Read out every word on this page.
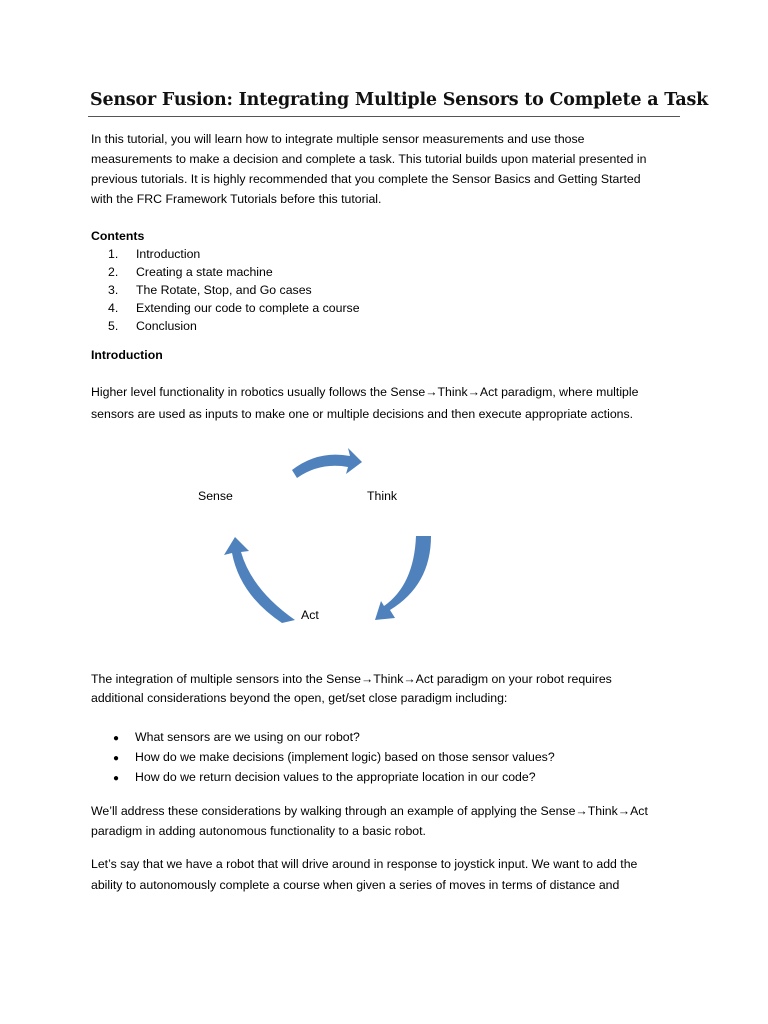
Sensor Fusion: Integrating Multiple Sensors to Complete a Task
In this tutorial, you will learn how to integrate multiple sensor measurements and use those
measurements to make a decision and complete a task. This tutorial builds upon material presented in
previous tutorials. It is highly recommended that you complete the Sensor Basics and Getting Started
with the FRC Framework Tutorials before this tutorial.
Contents
1. Introduction
2. Creating a state machine
3. The Rotate, Stop, and Go cases
4. Extending our code to complete a course
5. Conclusion
Introduction
Higher level functionality in robotics usually follows the Sense→Think→Act paradigm, where multiple
sensors are used as inputs to make one or multiple decisions and then execute appropriate actions.
Sense	Think
Act
The integration of multiple sensors into the Sense→Think→Act paradigm on your robot requires
additional considerations beyond the open, get/set close paradigm including:
● What sensors are we using on our robot?
● How do we make decisions (implement logic) based on those sensor values?
● How do we return decision values to the appropriate location in our code?
We’ll address these considerations by walking through an example of applying the Sense→Think→Act
paradigm in adding autonomous functionality to a basic robot.
Let’s say that we have a robot that will drive around in response to joystick input. We want to add the
ability to autonomously complete a course when given a series of moves in terms of distance and
